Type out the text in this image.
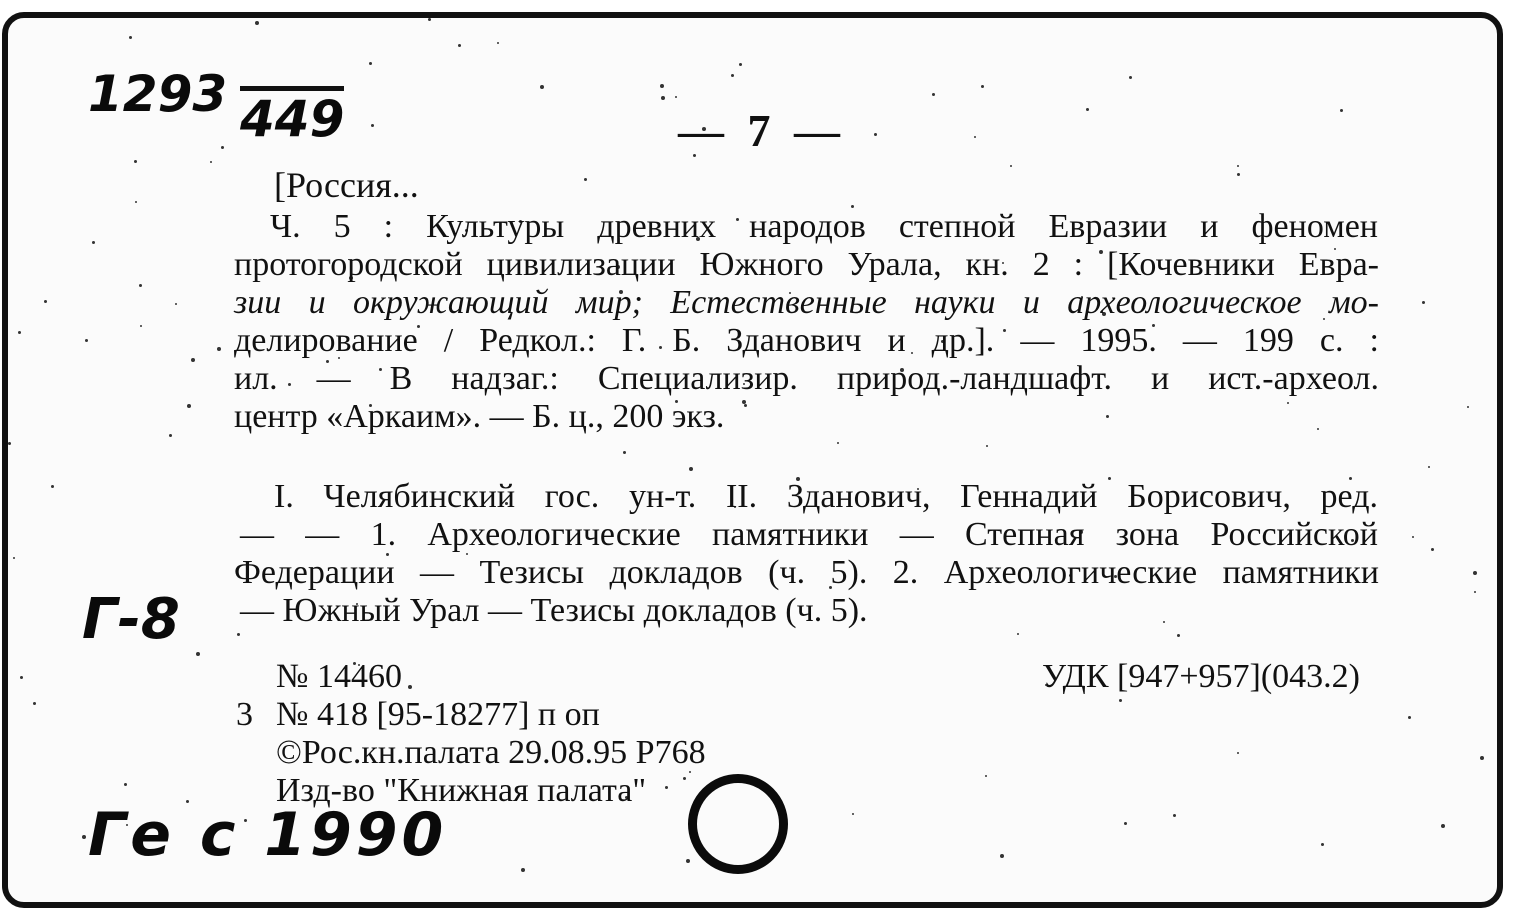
1293 449	— 7 —
[Россия...
Ч. 5 : Культуры древних народов степной Евразии и феномен
протогородской цивилизации Южного Урала, кн. 2 : [Кочевники Евра-
зии и окружающий мир; Естественные науки и археологическое мо-
делирование / Редкол.: Г. Б. Зданович и др.]. — 1995. — 199 с. :
ил. — В надзаг.: Специализир. природ.-ландшафт. и ист.-археол.
центр «Аркаим». — Б. ц., 200 экз.
I. Челябинский гос. ун-т. II. Зданович, Геннадий Борисович, ред.
— — 1. Археологические памятники — Степная зона Российской
Федерации — Тезисы докладов (ч. 5). 2. Археологические памятники
— Южный Урал — Тезисы докладов (ч. 5).
Г-8
№ 14460	УДК [947+957](043.2)
3 № 418 [95-18277] п оп
©Рос.кн.палата 29.08.95 Р768
Изд-во "Книжная палата"
Ге с 1990
